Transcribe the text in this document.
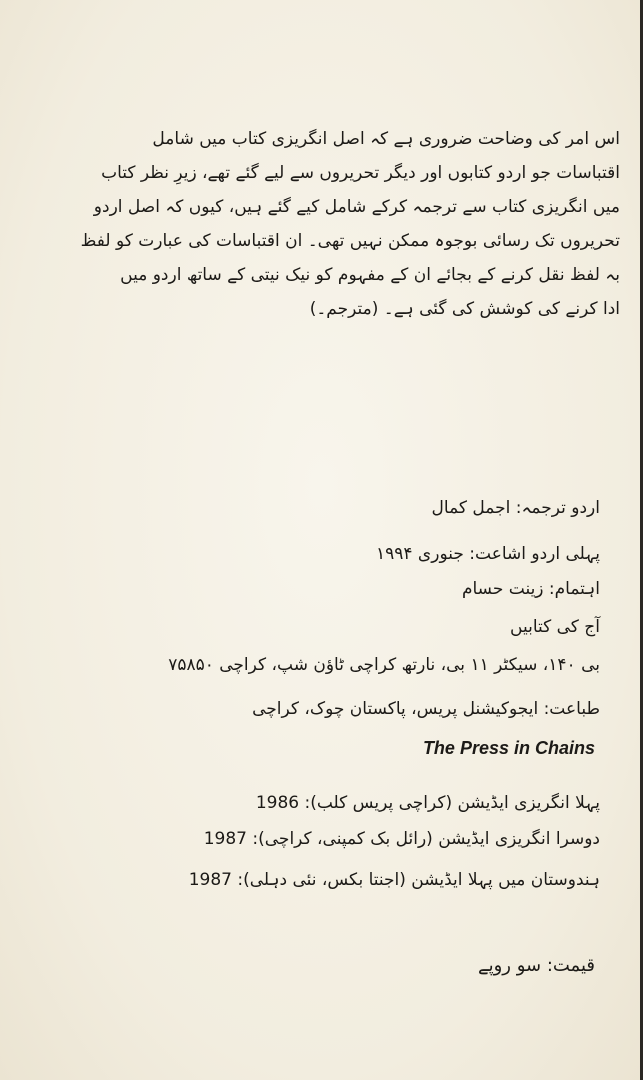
اس امر کی وضاحت ضروری ہے کہ اصل انگریزی کتاب میں شامل
اقتباسات جو اردو کتابوں اور دیگر تحریروں سے لیے گئے تھے، زیرِ نظر کتاب
میں انگریزی کتاب سے ترجمہ کرکے شامل کیے گئے ہیں، کیوں کہ اصل اردو
تحریروں تک رسائی بوجوہ ممکن نہیں تھی۔ ان اقتباسات کی عبارت کو لفظ
بہ لفظ نقل کرنے کے بجائے ان کے مفہوم کو نیک نیتی کے ساتھ اردو میں
ادا کرنے کی کوشش کی گئی ہے۔ (مترجم۔)
اردو ترجمہ: اجمل کمال
پہلی اردو اشاعت: جنوری ۱۹۹۴
اہتمام: زینت حسام
آج کی کتابیں
بی ۱۴۰، سیکٹر ۱۱ بی، نارتھ کراچی ٹاؤن شپ، کراچی ۷۵۸۵۰
طباعت: ایجوکیشنل پریس، پاکستان چوک، کراچی
پہلا انگریزی ایڈیشن (کراچی پریس کلب): 1986
دوسرا انگریزی ایڈیشن (رائل بک کمپنی، کراچی): 1987
ہندوستان میں پہلا ایڈیشن (اجنتا بکس، نئی دہلی): 1987
The Press in Chains
قیمت: سو روپے
